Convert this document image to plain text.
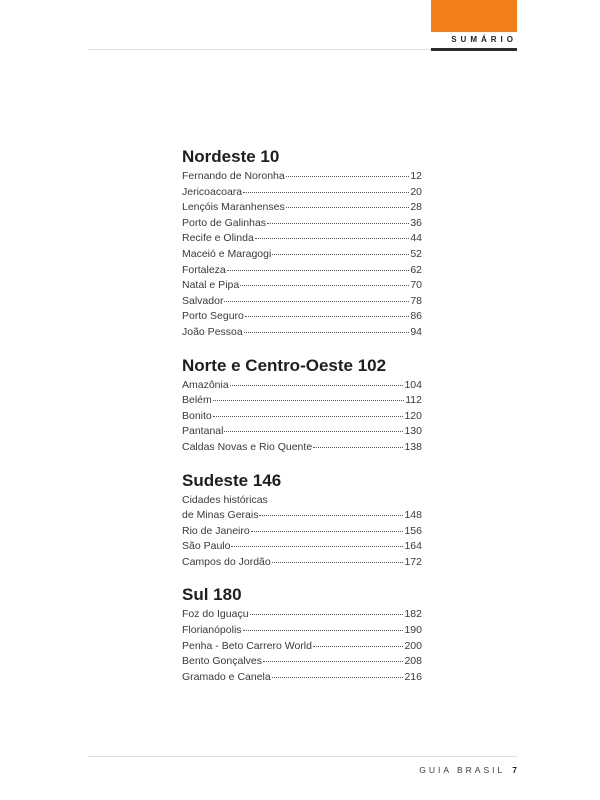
SUMÁRIO
Nordeste 10
Fernando de Noronha	12
Jericoacoara	20
Lençóis Maranhenses	28
Porto de Galinhas	36
Recife e Olinda	44
Maceió e Maragogi	52
Fortaleza	62
Natal e Pipa	70
Salvador	78
Porto Seguro	86
João Pessoa	94
Norte e Centro-Oeste 102
Amazônia	104
Belém	112
Bonito	120
Pantanal	130
Caldas Novas e Rio Quente	138
Sudeste 146
Cidades históricas
de Minas Gerais	148
Rio de Janeiro	156
São Paulo	164
Campos do Jordão	172
Sul 180
Foz do Iguaçu	182
Florianópolis	190
Penha - Beto Carrero World	200
Bento Gonçalves	208
Gramado e Canela	216
GUIA BRASIL 7
